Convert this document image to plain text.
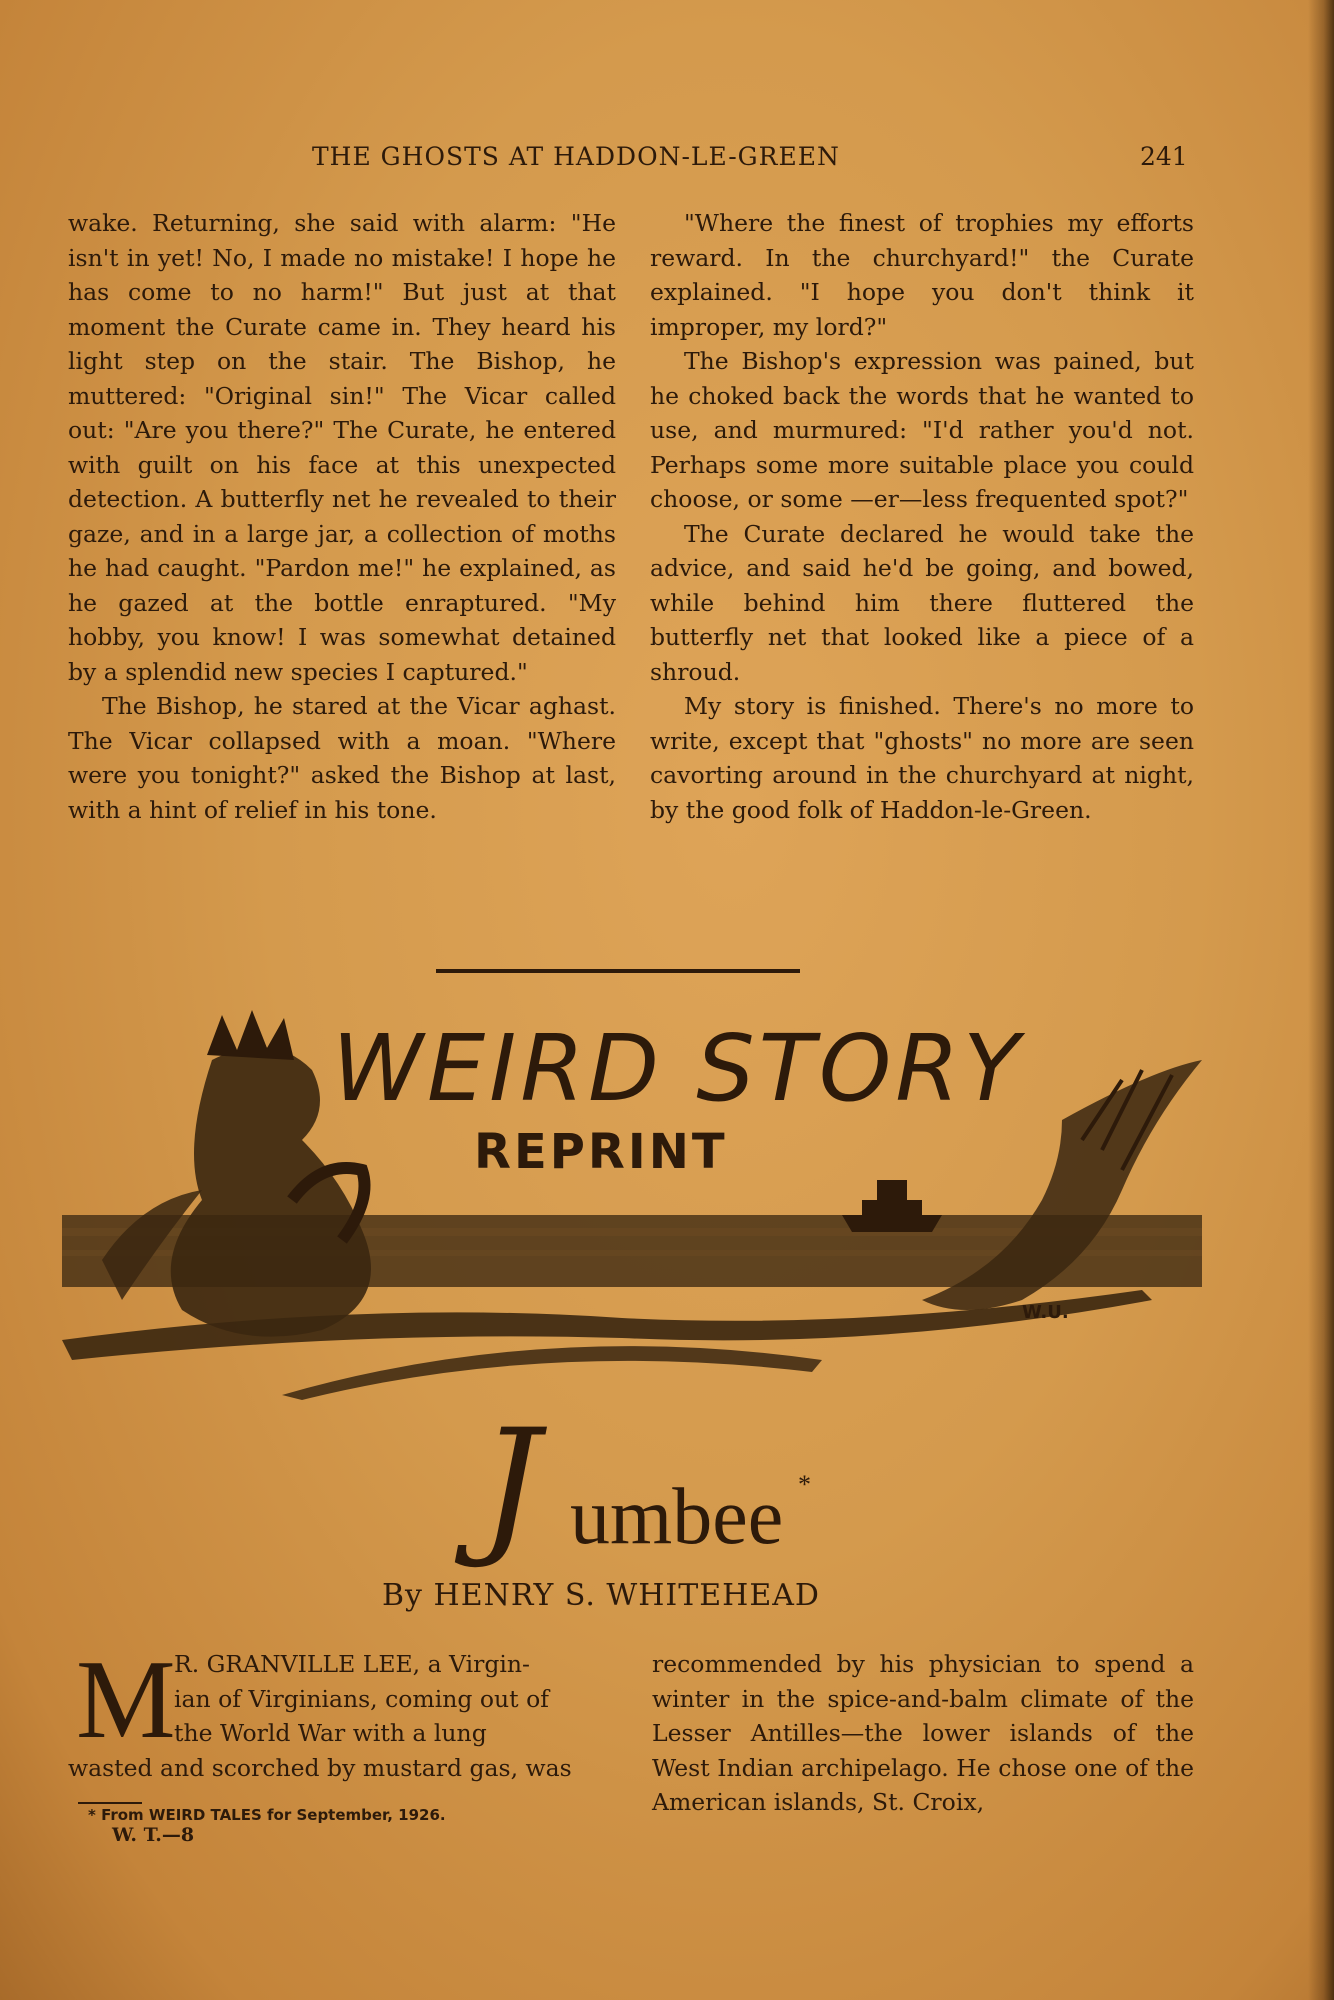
THE GHOSTS AT HADDON-LE-GREEN	241

wake. Returning, she said with alarm: "He isn't in yet! No, I made no mistake! I hope he has come to no harm!" But just at that moment the Curate came in. They heard his light step on the stair. The Bishop, he muttered: "Original sin!" The Vicar called out: "Are you there?" The Curate, he entered with guilt on his face at this unexpected detection. A butterfly net he revealed to their gaze, and in a large jar, a collection of moths he had caught. "Pardon me!" he explained, as he gazed at the bottle enraptured. "My hobby, you know! I was somewhat detained by a splendid new species I captured."

The Bishop, he stared at the Vicar aghast. The Vicar collapsed with a moan. "Where were you tonight?" asked the Bishop at last, with a hint of relief in his tone.

"Where the finest of trophies my efforts reward. In the churchyard!" the Curate explained. "I hope you don't think it improper, my lord?"

The Bishop's expression was pained, but he choked back the words that he wanted to use, and murmured: "I'd rather you'd not. Perhaps some more suitable place you could choose, or some —er—less frequented spot?"

The Curate declared he would take the advice, and said he'd be going, and bowed, while behind him there fluttered the butterfly net that looked like a piece of a shroud.

My story is finished. There's no more to write, except that "ghosts" no more are seen cavorting around in the churchyard at night, by the good folk of Haddon-le-Green.

WEIRD STORY
REPRINT
W.U.
J umbee *
By HENRY S. WHITEHEAD
M

R. GRANVILLE LEE, a Virgin-

ian of Virginians, coming out of

the World War with a lung

wasted and scorched by mustard gas, was

recommended by his physician to spend a winter in the spice-and-balm climate of the Lesser Antilles—the lower islands of the West Indian archipelago. He chose one of the American islands, St. Croix,

* From WEIRD TALES for September, 1926.
W. T.—8
